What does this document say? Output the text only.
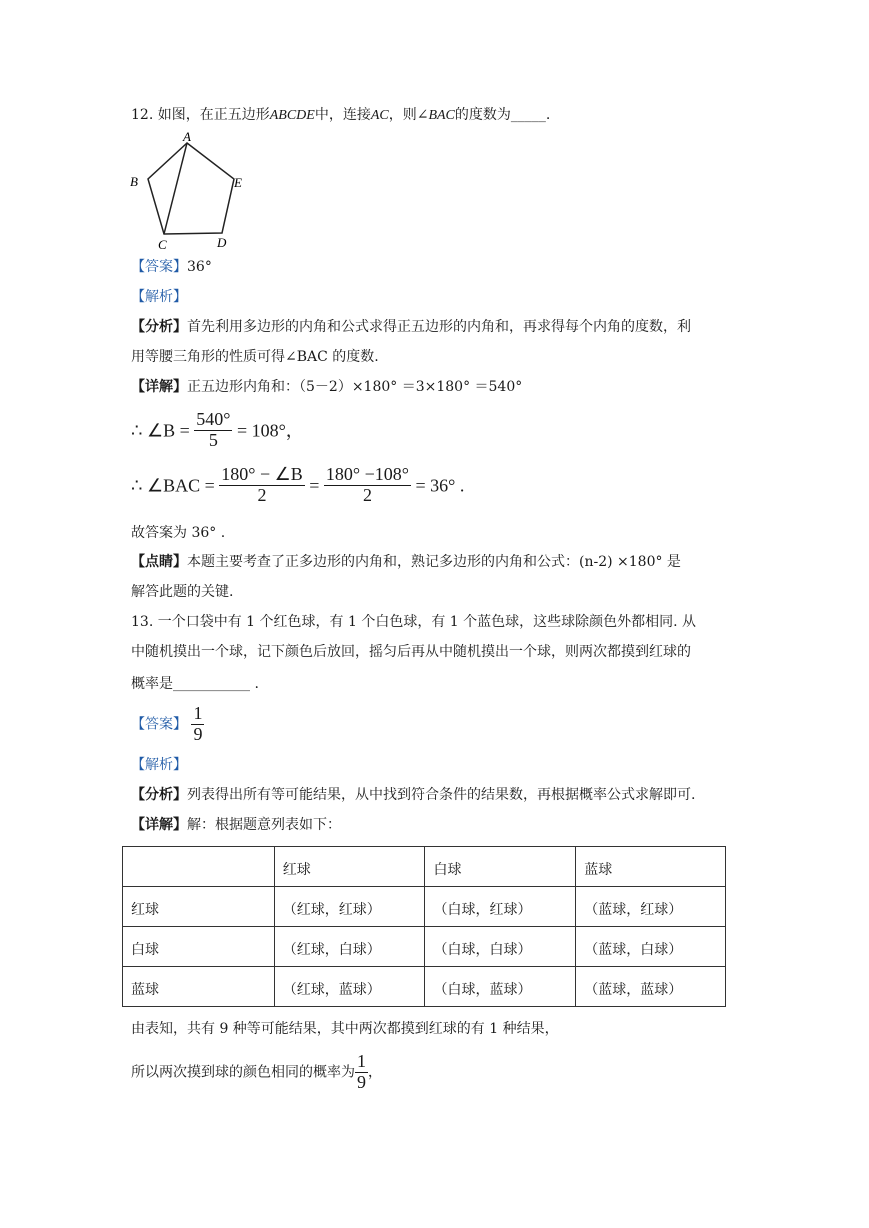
12. 如图，在正五边形ABCDE中，连接AC，则∠BAC的度数为_____.
A
B
C	D
E
【答案】36°
【解析】
【分析】首先利用多边形的内角和公式求得正五边形的内角和，再求得每个内角的度数，利
用等腰三角形的性质可得∠BAC 的度数.
【详解】正五边形内角和：（5－2）×180° ＝3×180° ＝540°
∴ ∠B = $\frac{540^\circ}{5} = 108^\circ$，
∴ ∠BAC = $\frac{180^\circ - \angle B}{2} = \frac{180^\circ -108^\circ}{2} = 36^\circ$ .
故答案为 36° .
【点睛】本题主要考查了正多边形的内角和，熟记多边形的内角和公式：(n-2) ×180° 是
解答此题的关键.
13. 一个口袋中有 1 个红色球，有 1 个白色球，有 1 个蓝色球，这些球除颜色外都相同. 从
中随机摸出一个球，记下颜色后放回，摇匀后再从中随机摸出一个球，则两次都摸到红球的
概率是___________ .
【答案】 $\frac{1}{9}$
【解析】
【分析】列表得出所有等可能结果，从中找到符合条件的结果数，再根据概率公式求解即可.
【详解】解：根据题意列表如下：
	红球	白球	蓝球
红球	（红球，红球）	（白球，红球）	（蓝球，红球）
白球	（红球，白球）	（白球，白球）	（蓝球，白球）
蓝球	（红球，蓝球）	（白球，蓝球）	（蓝球，蓝球）
由表知，共有 9 种等可能结果，其中两次都摸到红球的有 1 种结果，
所以两次摸到球的颜色相同的概率为 $\frac{1}{9}$ ，
